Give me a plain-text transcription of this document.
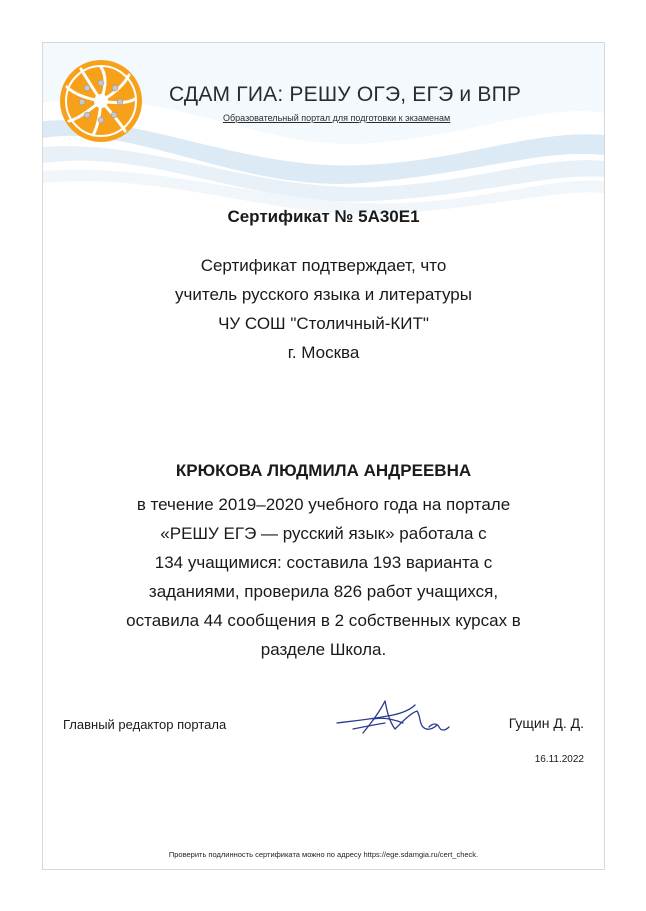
СДАМ ГИА: РЕШУ ОГЭ, ЕГЭ и ВПР
Образовательный портал для подготовки к экзаменам
Сертификат № 5A30E1
Сертификат подтверждает, что
учитель русского языка и литературы
ЧУ СОШ "Столичный-КИТ"
г. Москва
КРЮКОВА ЛЮДМИЛА АНДРЕЕВНА
в течение 2019–2020 учебного года на портале
«РЕШУ ЕГЭ — русский язык» работала с
134 учащимися: составила 193 варианта с
заданиями, проверила 826 работ учащихся,
оставила 44 сообщения в 2 собственных курсах в
разделе Школа.
Главный редактор портала	Гущин Д. Д.
16.11.2022
Проверить подлинность сертификата можно по адресу https://ege.sdamgia.ru/cert_check.
